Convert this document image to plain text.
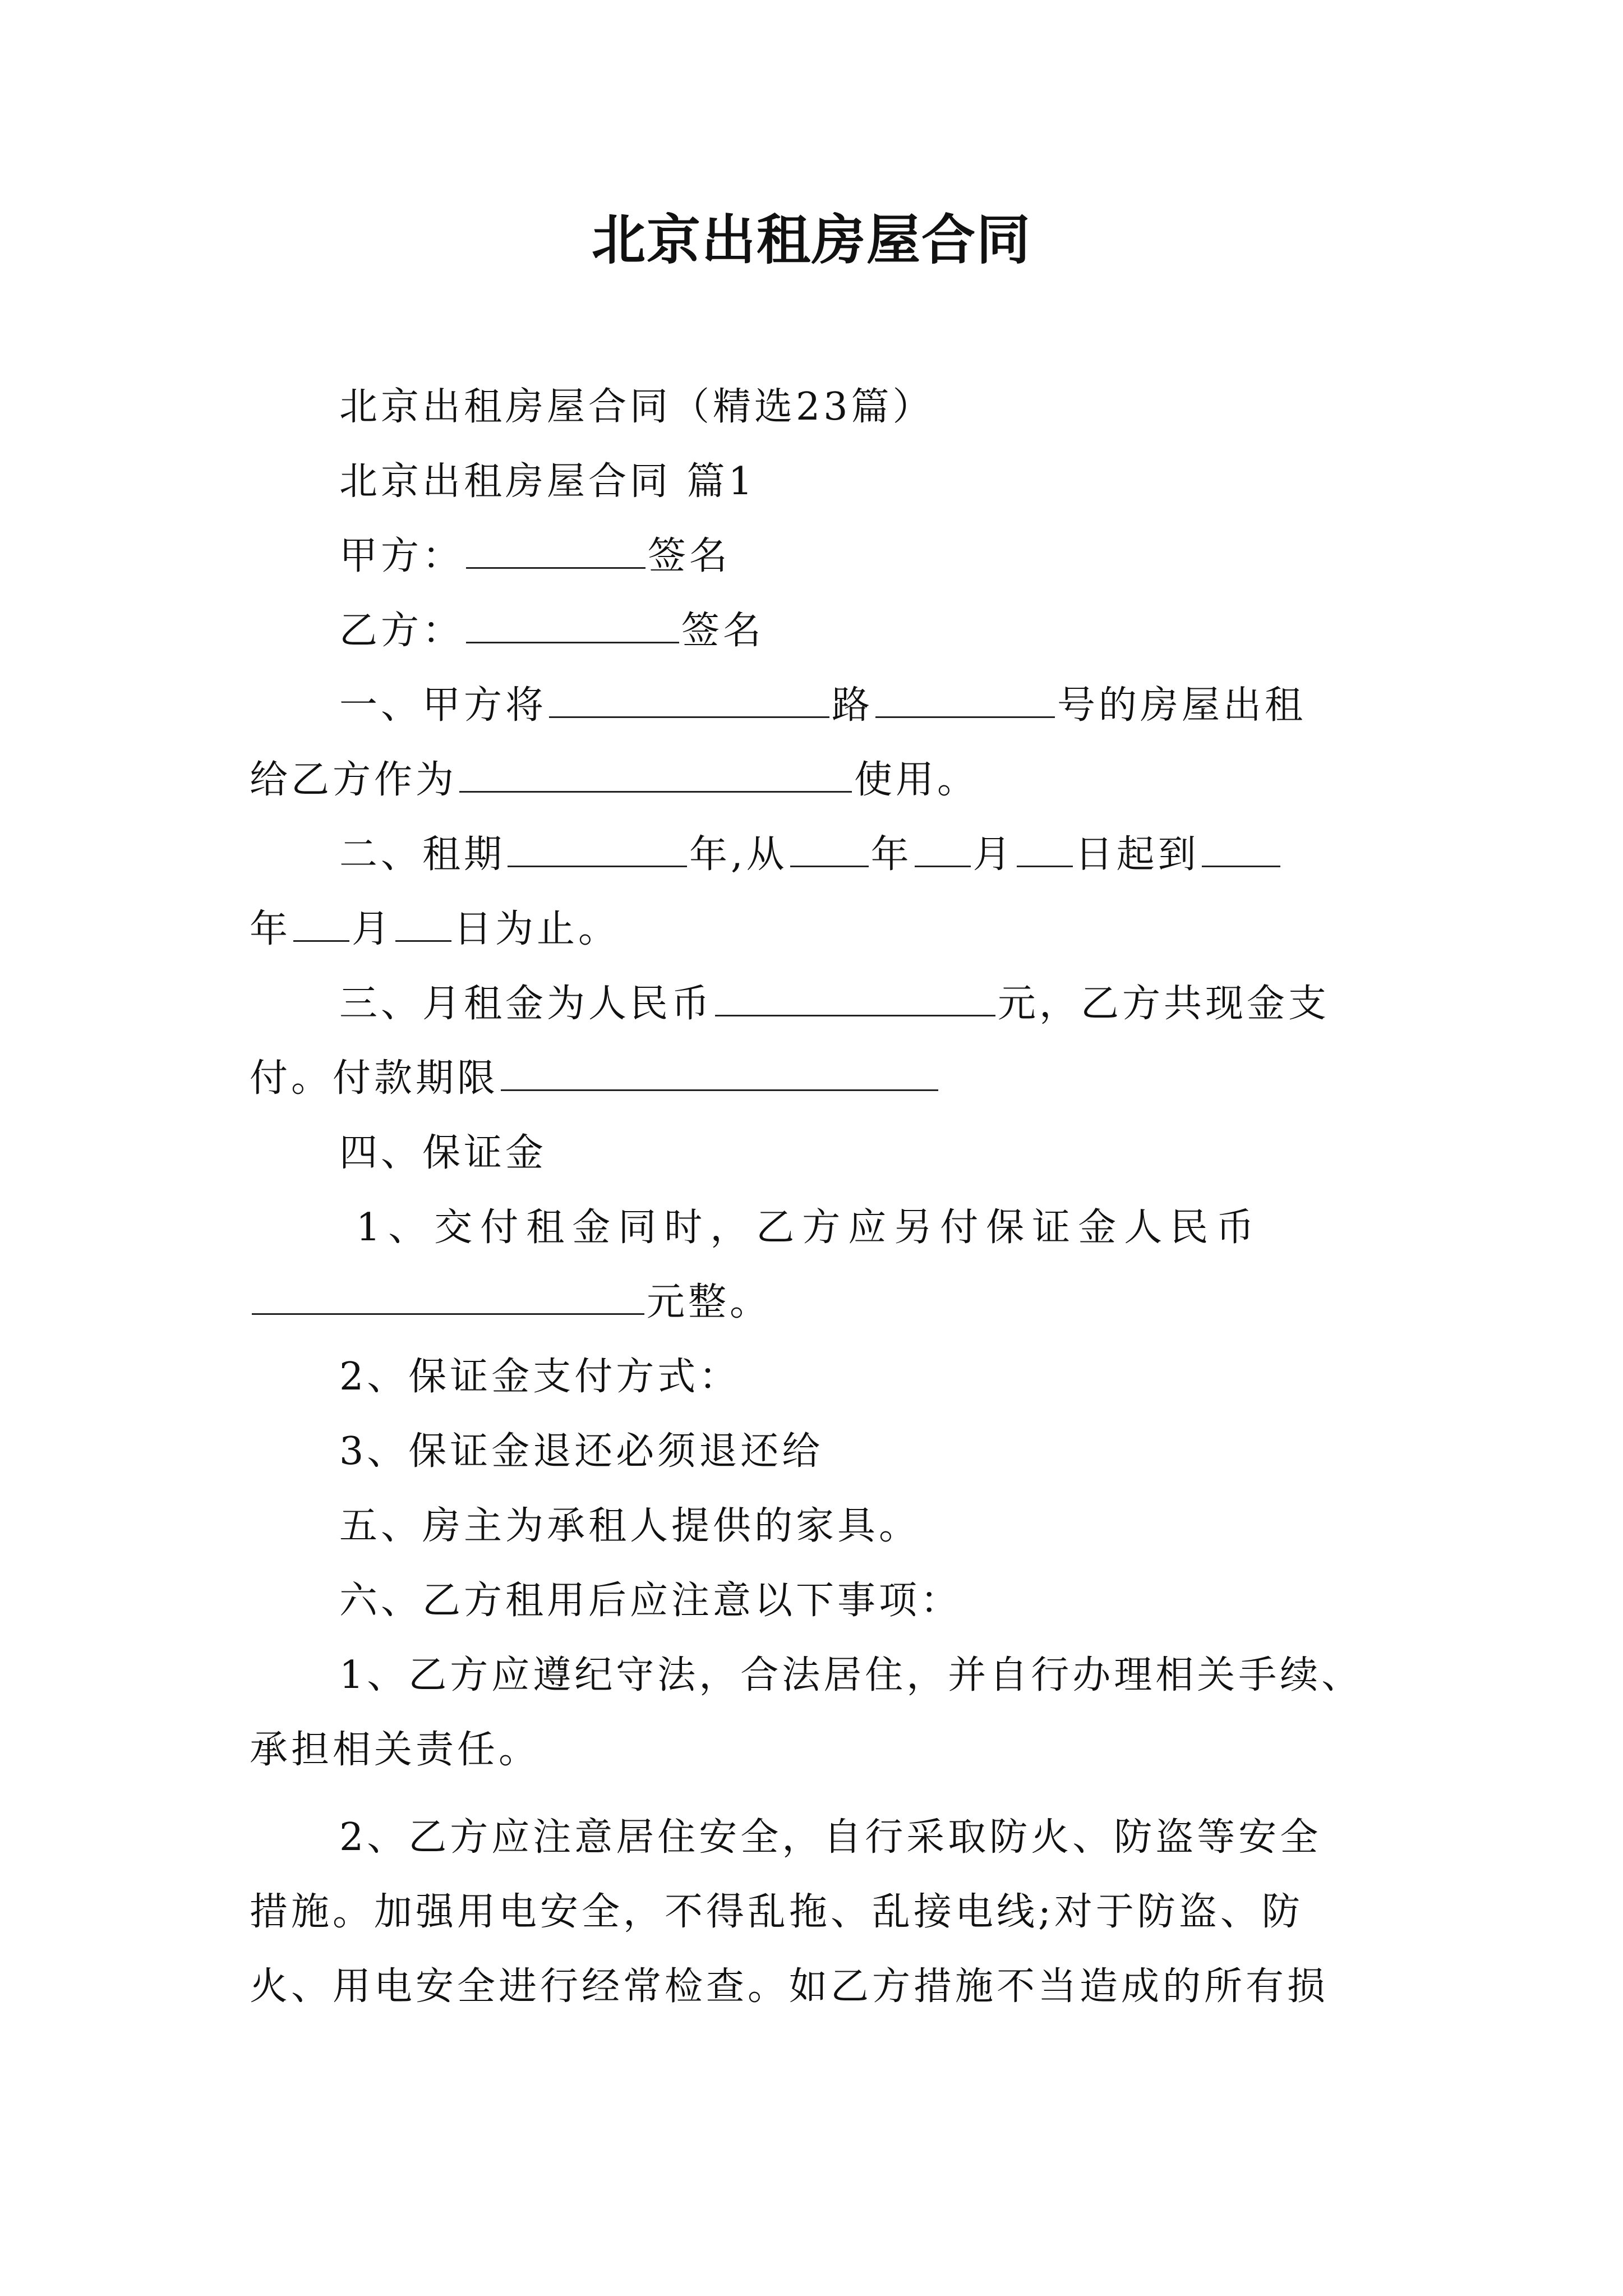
北京出租房屋合同
北京出租房屋合同（精选23篇）
北京出租房屋合同 篇1
甲方：	签名
乙方：	签名
一、甲方将	路	号的房屋出租
给乙方作为	使用。
二、租期	年,从 年 月 日起到
年 月 日为止。
三、月租金为人民币	元，乙方共现金支
付。付款期限
四、保证金
1、交付租金同时，乙方应另付保证金人民币
元整。
2、保证金支付方式：
3、保证金退还必须退还给
五、房主为承租人提供的家具。
六、乙方租用后应注意以下事项：
1、乙方应遵纪守法，合法居住，并自行办理相关手续、
承担相关责任。
2、乙方应注意居住安全，自行采取防火、防盗等安全
措施。加强用电安全，不得乱拖、乱接电线;对于防盗、防
火、用电安全进行经常检查。如乙方措施不当造成的所有损
